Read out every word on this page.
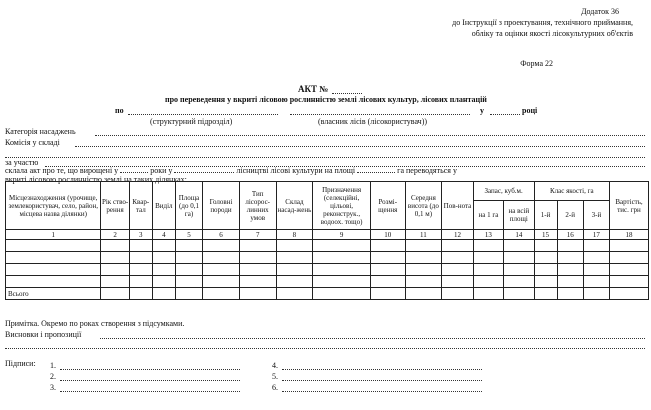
Додаток 36
до Інструкції з проектування, технічного приймання,
обліку та оцінки якості лісокультурних об'єктів
Форма 22
АКТ №
про переведення у вкриті лісовою рослинністю землі лісових культур, лісових плантацій
по	у	році
(структурний підрозділ)	(власник лісів (лісокористувач))
Категорія насаджень
Комісія у складі
за участю
склала акт про те, що вирощені у	роки у	лісництві лісові культури на площі	га переводяться у
вкриті лісовою рослинністю землі на таких ділянках:
Місцезнаходження (урочище, землекористувач, село, район, місцева назва ділянки)	Рік ство-рення	Квар-тал	Виділ	Площа (до 0,1 га)	Головні породи	Тип лісорос-линних умов	Склад насад-жень	Призначення (селекційні, цільові, реконструк., водоох. тощо)	Розмі-щення	Середня висота (до 0,1 м)	Пов-нота	Запас, куб.м.		Клас якості, га			Вартість, тис. грн
												на 1 га	на всій площі	1-й	2-й	3-й	
1	2	3	4	5	6	7	8	9	10	11	12	13	14	15	16	17	18

Всього																	
Примітка. Окремо по роках створення з підсумками.
Висновки і пропозиції
Підписи: 1.
2.
3.
4.
5.
6.
